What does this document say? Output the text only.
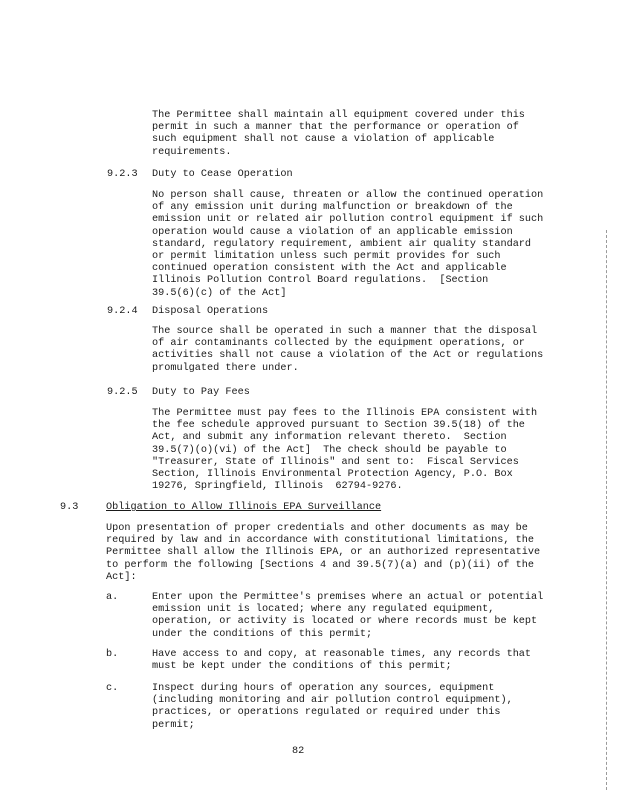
The Permittee shall maintain all equipment covered under this
permit in such a manner that the performance or operation of
such equipment shall not cause a violation of applicable
requirements.

9.2.3 Duty to Cease Operation

No person shall cause, threaten or allow the continued operation
of any emission unit during malfunction or breakdown of the
emission unit or related air pollution control equipment if such
operation would cause a violation of an applicable emission
standard, regulatory requirement, ambient air quality standard
or permit limitation unless such permit provides for such
continued operation consistent with the Act and applicable
Illinois Pollution Control Board regulations.  [Section
39.5(6)(c) of the Act]

9.2.4 Disposal Operations

The source shall be operated in such a manner that the disposal
of air contaminants collected by the equipment operations, or
activities shall not cause a violation of the Act or regulations
promulgated there under.

9.2.5 Duty to Pay Fees

The Permittee must pay fees to the Illinois EPA consistent with
the fee schedule approved pursuant to Section 39.5(18) of the
Act, and submit any information relevant thereto.  Section
39.5(7)(o)(vi) of the Act]  The check should be payable to
"Treasurer, State of Illinois" and sent to:  Fiscal Services
Section, Illinois Environmental Protection Agency, P.O. Box
19276, Springfield, Illinois  62794-9276.

9.3	Obligation to Allow Illinois EPA Surveillance

Upon presentation of proper credentials and other documents as may be
required by law and in accordance with constitutional limitations, the
Permittee shall allow the Illinois EPA, or an authorized representative
to perform the following [Sections 4 and 39.5(7)(a) and (p)(ii) of the
Act]:

a.	Enter upon the Permittee's premises where an actual or potential
emission unit is located; where any regulated equipment,
operation, or activity is located or where records must be kept
under the conditions of this permit;

b.	Have access to and copy, at reasonable times, any records that
must be kept under the conditions of this permit;

c.	Inspect during hours of operation any sources, equipment
(including monitoring and air pollution control equipment),
practices, or operations regulated or required under this
permit;

82
